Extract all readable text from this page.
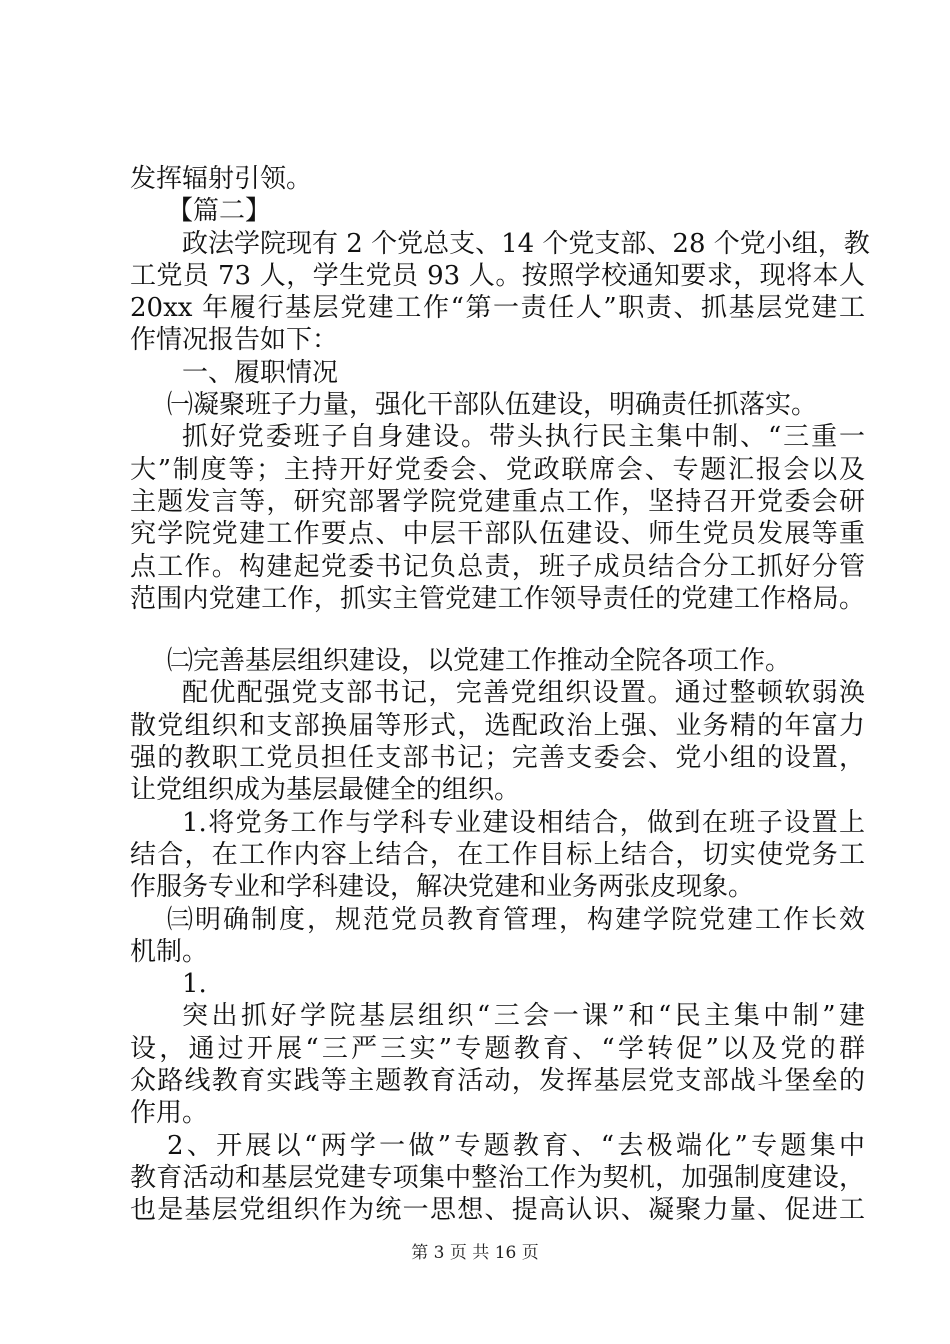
发挥辐射引领。
【篇二】
政法学院现有 2 个党总支、14 个党支部、28 个党小组，教
工党员 73 人，学生党员 93 人。按照学校通知要求，现将本人
20xx 年履行基层党建工作“第一责任人”职责、抓基层党建工
作情况报告如下：
一、履职情况
㈠凝聚班子力量，强化干部队伍建设，明确责任抓落实。
抓好党委班子自身建设。带头执行民主集中制、“三重一
大”制度等；主持开好党委会、党政联席会、专题汇报会以及
主题发言等，研究部署学院党建重点工作，坚持召开党委会研
究学院党建工作要点、中层干部队伍建设、师生党员发展等重
点工作。构建起党委书记负总责，班子成员结合分工抓好分管
范围内党建工作，抓实主管党建工作领导责任的党建工作格局。
㈡完善基层组织建设，以党建工作推动全院各项工作。
配优配强党支部书记，完善党组织设置。通过整顿软弱涣
散党组织和支部换届等形式，选配政治上强、业务精的年富力
强的教职工党员担任支部书记；完善支委会、党小组的设置，
让党组织成为基层最健全的组织。
1.将党务工作与学科专业建设相结合，做到在班子设置上
结合，在工作内容上结合，在工作目标上结合，切实使党务工
作服务专业和学科建设，解决党建和业务两张皮现象。
㈢明确制度，规范党员教育管理，构建学院党建工作长效
机制。
1.
突出抓好学院基层组织“三会一课”和“民主集中制”建
设，通过开展“三严三实”专题教育、“学转促”以及党的群
众路线教育实践等主题教育活动，发挥基层党支部战斗堡垒的
作用。
2、开展以“两学一做”专题教育、“去极端化”专题集中
教育活动和基层党建专项集中整治工作为契机，加强制度建设，
也是基层党组织作为统一思想、提高认识、凝聚力量、促进工
第 3 页 共 16 页
